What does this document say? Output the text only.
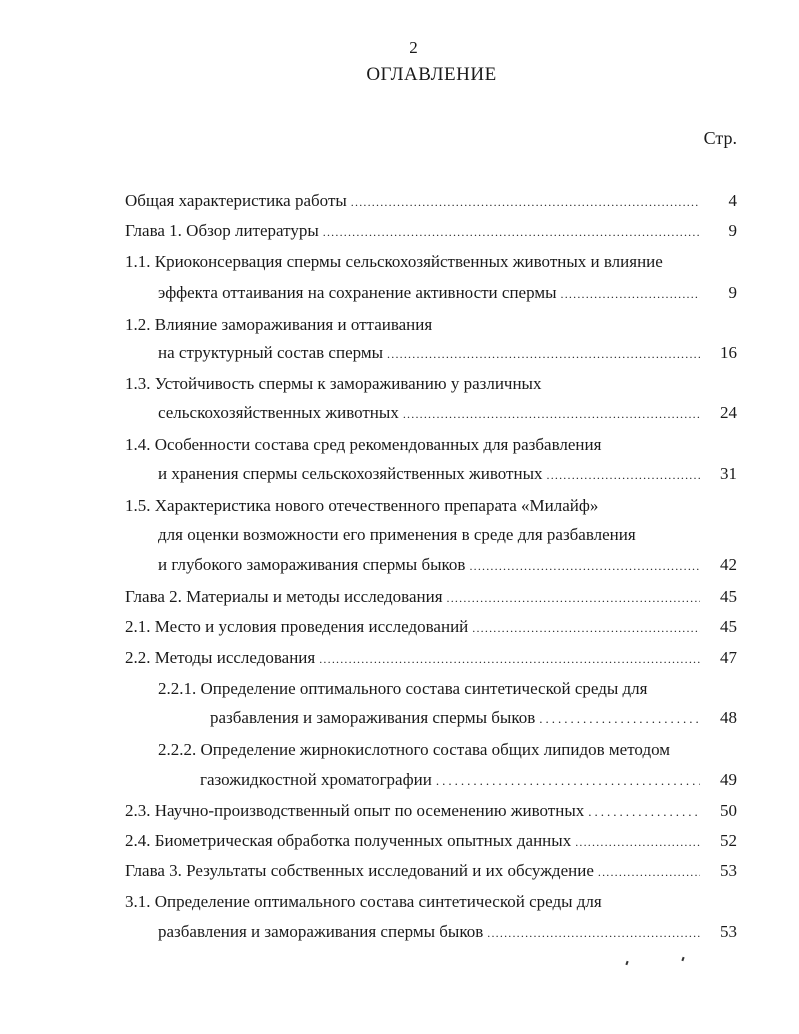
2
ОГЛАВЛЕНИЕ
Стр.
Общая характеристика работы .....	4
Глава 1. Обзор литературы .....	9
1.1. Криоконсервация спермы сельскохозяйственных животных и влияние
эффекта оттаивания на сохранение активности спермы .....	9
1.2. Влияние замораживания и оттаивания
на структурный состав спермы .....	16
1.3. Устойчивость спермы к замораживанию у различных
сельскохозяйственных животных .....	24
1.4. Особенности состава сред рекомендованных для разбавления
и хранения спермы сельскохозяйственных животных .....	31
1.5. Характеристика нового отечественного препарата «Милайф»
для оценки возможности его применения в среде для разбавления
и глубокого замораживания спермы быков .....	42
Глава 2. Материалы и методы исследования .....	45
2.1. Место и условия проведения исследований .....	45
2.2. Методы исследования .....	47
2.2.1. Определение оптимального состава синтетической среды для
разбавления и замораживания спермы быков .....	48
2.2.2. Определение жирнокислотного состава общих липидов методом
газожидкостной хроматографии .....	49
2.3. Научно-производственный опыт по осеменению животных .....	50
2.4. Биометрическая обработка полученных опытных данных .....	52
Глава 3. Результаты собственных исследований и их обсуждение .....	53
3.1. Определение оптимального состава синтетической среды для
разбавления и замораживания спермы быков .....	53
